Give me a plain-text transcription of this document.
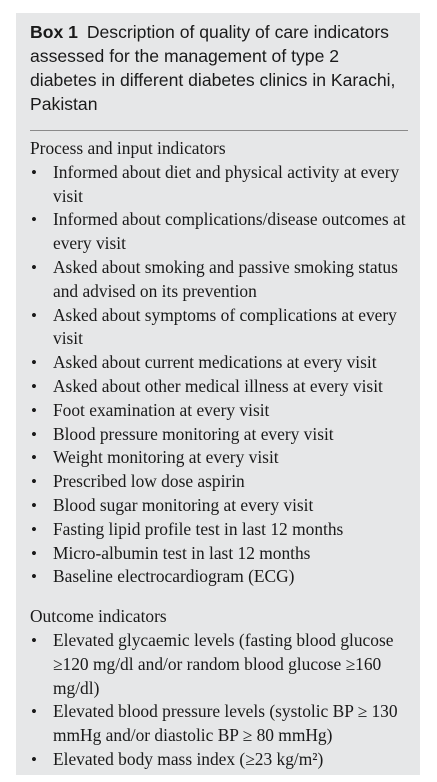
Box 1 Description of quality of care indicators assessed for the management of type 2 diabetes in different diabetes clinics in Karachi, Pakistan
Process and input indicators
• Informed about diet and physical activity at every visit
• Informed about complications/disease outcomes at every visit
• Asked about smoking and passive smoking status and advised on its prevention
• Asked about symptoms of complications at every visit
• Asked about current medications at every visit
• Asked about other medical illness at every visit
• Foot examination at every visit
• Blood pressure monitoring at every visit
• Weight monitoring at every visit
• Prescribed low dose aspirin
• Blood sugar monitoring at every visit
• Fasting lipid profile test in last 12 months
• Micro-albumin test in last 12 months
• Baseline electrocardiogram (ECG)
Outcome indicators
• Elevated glycaemic levels (fasting blood glucose ≥120 mg/dl and/or random blood glucose ≥160 mg/dl)
• Elevated blood pressure levels (systolic BP ≥ 130 mmHg and/or diastolic BP ≥ 80 mmHg)
• Elevated body mass index (≥23 kg/m²)
